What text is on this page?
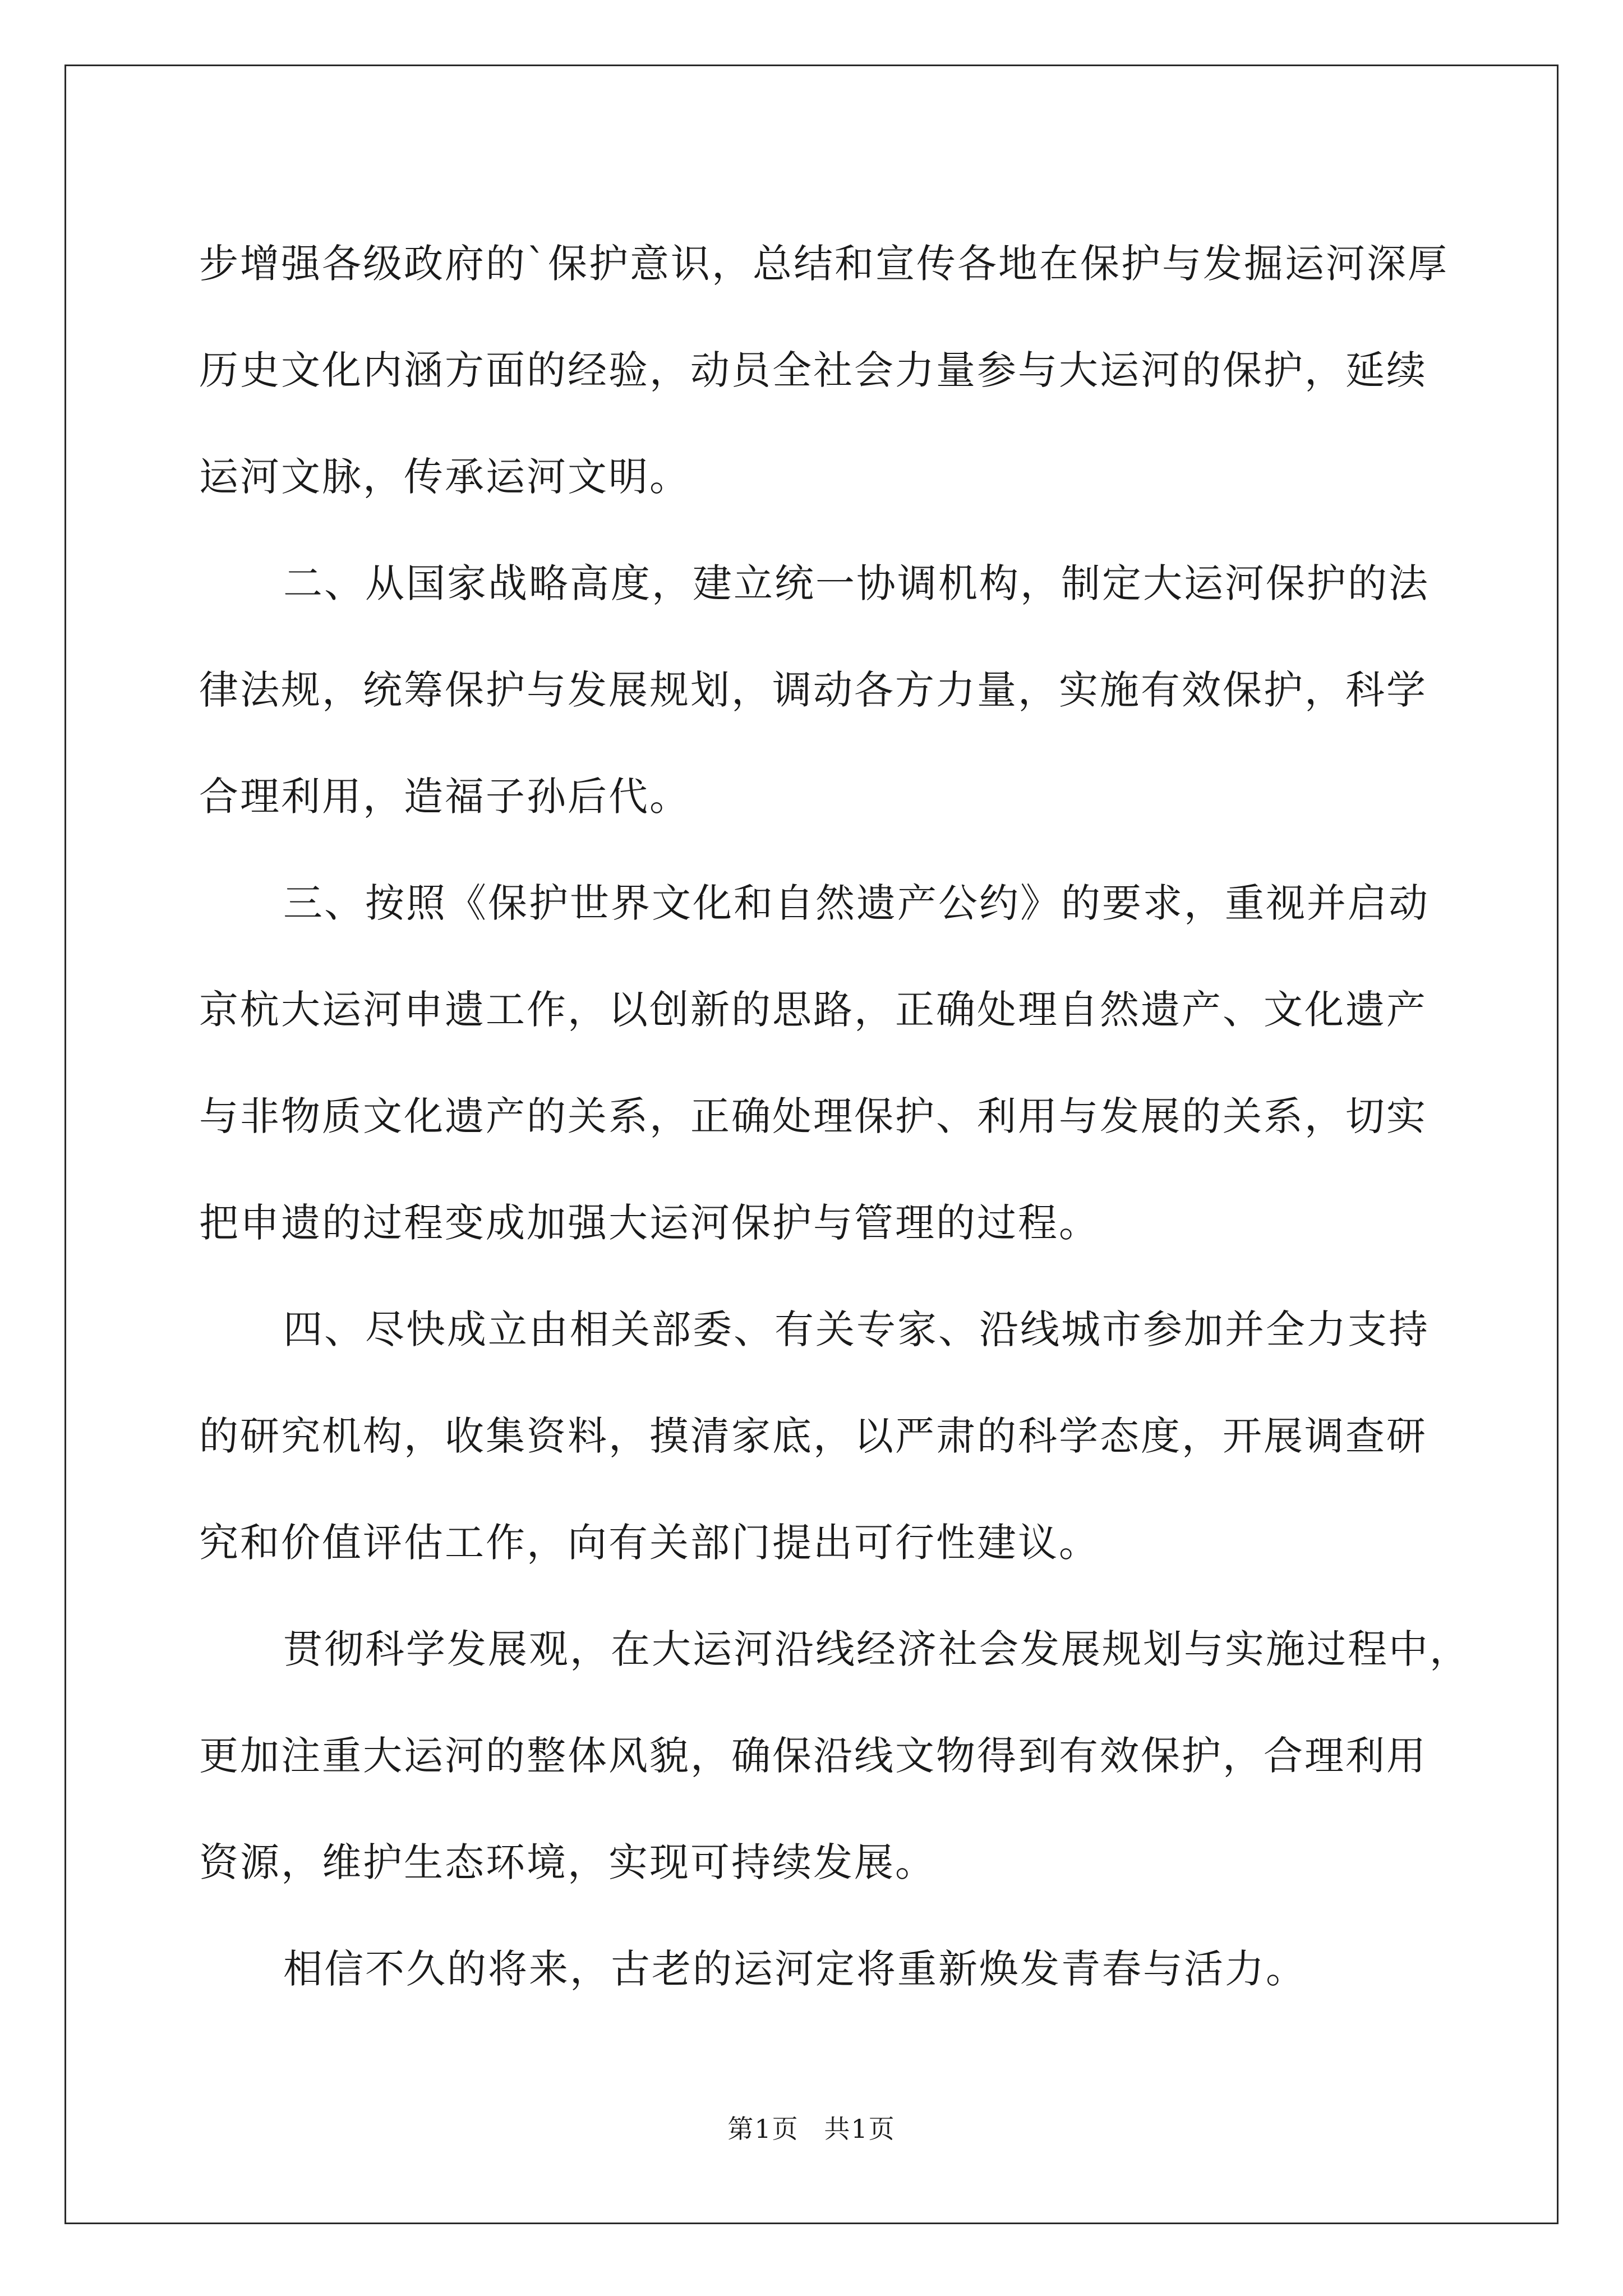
步增强各级政府的`保护意识，总结和宣传各地在保护与发掘运河深厚
历史文化内涵方面的经验，动员全社会力量参与大运河的保护，延续
运河文脉，传承运河文明。
二、从国家战略高度，建立统一协调机构，制定大运河保护的法
律法规，统筹保护与发展规划，调动各方力量，实施有效保护，科学
合理利用，造福子孙后代。
三、按照《保护世界文化和自然遗产公约》的要求，重视并启动
京杭大运河申遗工作，以创新的思路，正确处理自然遗产、文化遗产
与非物质文化遗产的关系，正确处理保护、利用与发展的关系，切实
把申遗的过程变成加强大运河保护与管理的过程。
四、尽快成立由相关部委、有关专家、沿线城市参加并全力支持
的研究机构，收集资料，摸清家底，以严肃的科学态度，开展调查研
究和价值评估工作，向有关部门提出可行性建议。
贯彻科学发展观，在大运河沿线经济社会发展规划与实施过程中，
更加注重大运河的整体风貌，确保沿线文物得到有效保护，合理利用
资源，维护生态环境，实现可持续发展。
相信不久的将来，古老的运河定将重新焕发青春与活力。
第1页 共1页
